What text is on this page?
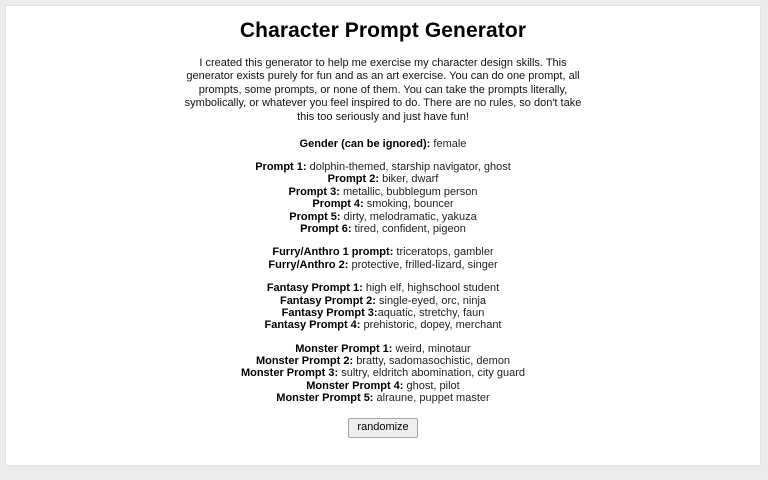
Character Prompt Generator

I created this generator to help me exercise my character design skills. This generator exists purely for fun and as an art exercise. You can do one prompt, all prompts, some prompts, or none of them. You can take the prompts literally, symbolically, or whatever you feel inspired to do. There are no rules, so don't take this too seriously and just have fun!

Gender (can be ignored): female
Prompt 1: dolphin-themed, starship navigator, ghost
Prompt 2: biker, dwarf
Prompt 3: metallic, bubblegum person
Prompt 4: smoking, bouncer
Prompt 5: dirty, melodramatic, yakuza
Prompt 6: tired, confident, pigeon
Furry/Anthro 1 prompt: triceratops, gambler
Furry/Anthro 2: protective, frilled-lizard, singer
Fantasy Prompt 1: high elf, highschool student
Fantasy Prompt 2: single-eyed, orc, ninja
Fantasy Prompt 3:aquatic, stretchy, faun
Fantasy Prompt 4: prehistoric, dopey, merchant
Monster Prompt 1: weird, minotaur
Monster Prompt 2: bratty, sadomasochistic, demon
Monster Prompt 3: sultry, eldritch abomination, city guard
Monster Prompt 4: ghost, pilot
Monster Prompt 5: alraune, puppet master
randomize
